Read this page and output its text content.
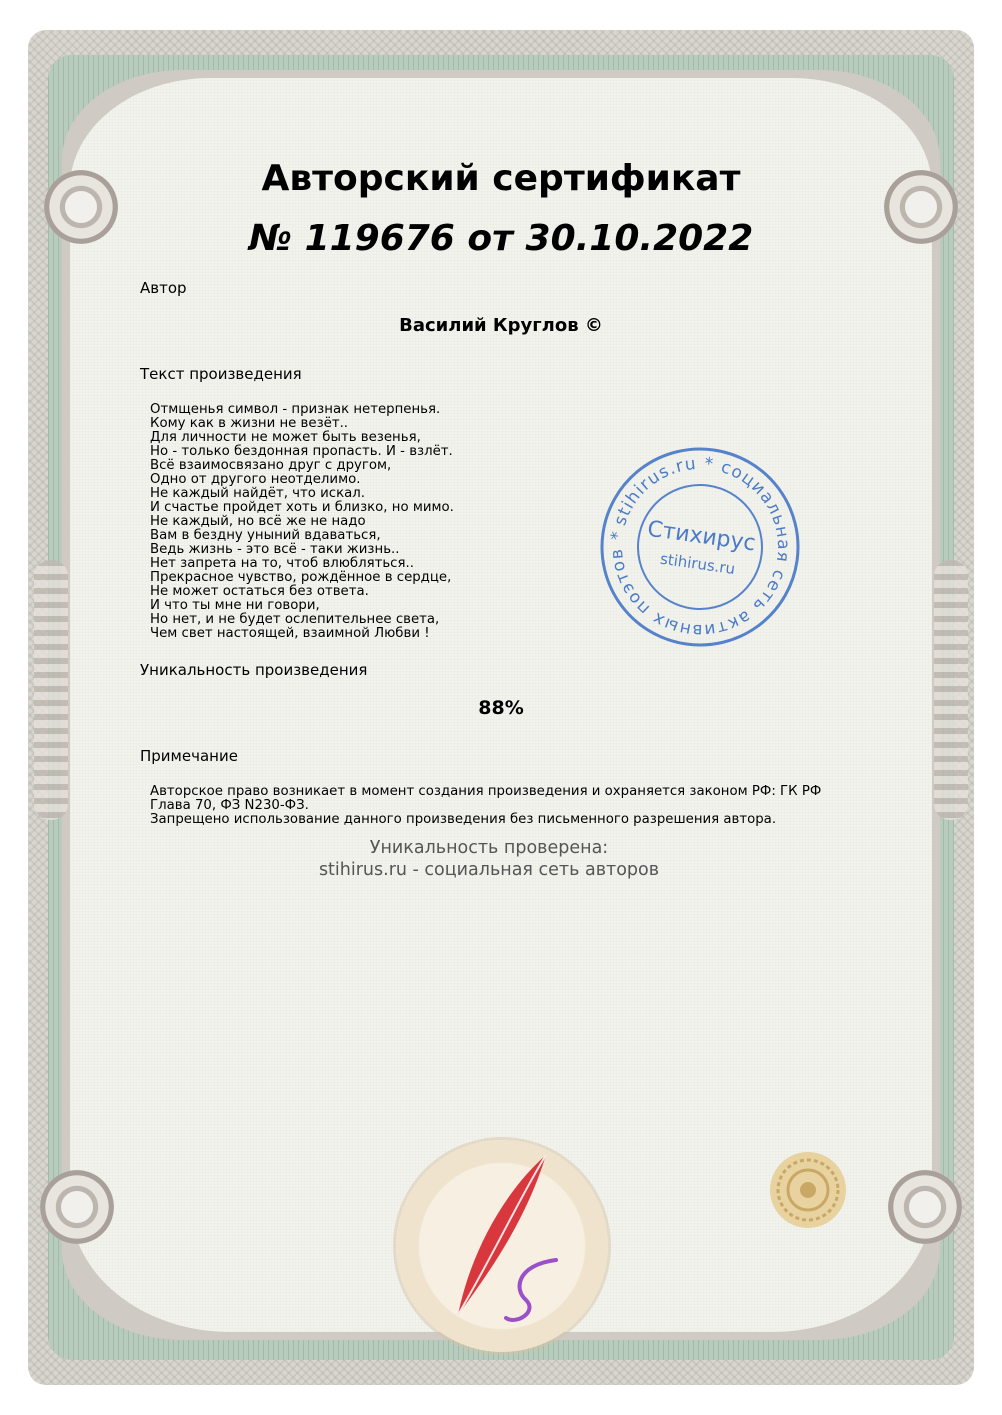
Авторский сертификат
№ 119676 от 30.10.2022
Автор
Василий Круглов ©
Текст произведения
Отмщенья символ - признак нетерпенья.
Кому как в жизни не везёт..
Для личности не может быть везенья,
Но - только бездонная пропасть. И - взлёт.
Всё взаимосвязано друг с другом,
Одно от другого неотделимо.
Не каждый найдёт, что искал.
И счастье пройдет хоть и близко, но мимо.
Не каждый, но всё же не надо
Вам в бездну уныний вдаваться,
Ведь жизнь - это всё - таки жизнь..
Нет запрета на то, чтоб влюбляться..
Прекрасное чувство, рождённое в сердце,
Не может остаться без ответа.
И что ты мне ни говори,
Но нет, и не будет ослепительнее света,
Чем свет настоящей, взаимной Любви !
Уникальность произведения
88%
Примечание
Авторское право возникает в момент создания произведения и охраняется законом РФ: ГК РФ Глава 70, ФЗ N230-ФЗ.
Запрещено использование данного произведения без письменного разрешения автора.
Уникальность проверена:
stihirus.ru - социальная сеть авторов
stihirus.ru * социальная сеть активных поэтов * Стихирус
stihirus.ru
